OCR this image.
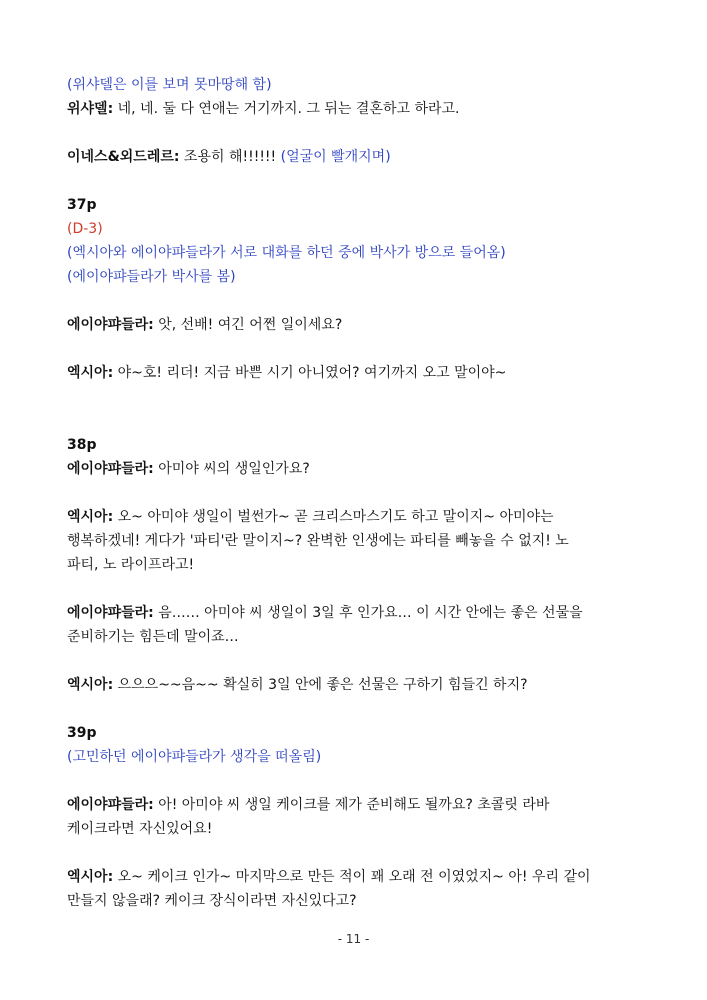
(위샤델은 이를 보며 못마땅해 함)
위샤델: 네, 네. 둘 다 연애는 거기까지. 그 뒤는 결혼하고 하라고.
이네스&외드레르: 조용히 해!!!!!! (얼굴이 빨개지며)
37p
(D-3)
(엑시아와 에이야퍄들라가 서로 대화를 하던 중에 박사가 방으로 들어옴)
(에이야퍄들라가 박사를 봄)
에이야퍄들라: 앗, 선배! 여긴 어쩐 일이세요?
엑시아: 야~호! 리더! 지금 바쁜 시기 아니였어? 여기까지 오고 말이야~
38p
에이야퍄들라: 아미야 씨의 생일인가요?
엑시아: 오~ 아미야 생일이 벌썬가~ 곧 크리스마스기도 하고 말이지~ 아미야는
행복하겠네! 게다가 '파티'란 말이지~? 완벽한 인생에는 파티를 빼놓을 수 없지! 노
파티, 노 라이프라고!
에이야퍄들라: 음…… 아미야 씨 생일이 3일 후 인가요… 이 시간 안에는 좋은 선물을
준비하기는 힘든데 말이죠…
엑시아: 으으으~~음~~ 확실히 3일 안에 좋은 선물은 구하기 힘들긴 하지?
39p
(고민하던 에이야퍄들라가 생각을 떠올림)
에이야퍄들라: 아! 아미야 씨 생일 케이크를 제가 준비해도 될까요? 초콜릿 라바
케이크라면 자신있어요!
엑시아: 오~ 케이크 인가~ 마지막으로 만든 적이 꽤 오래 전 이였었지~ 아! 우리 같이
만들지 않을래? 케이크 장식이라면 자신있다고?
- 11 -
